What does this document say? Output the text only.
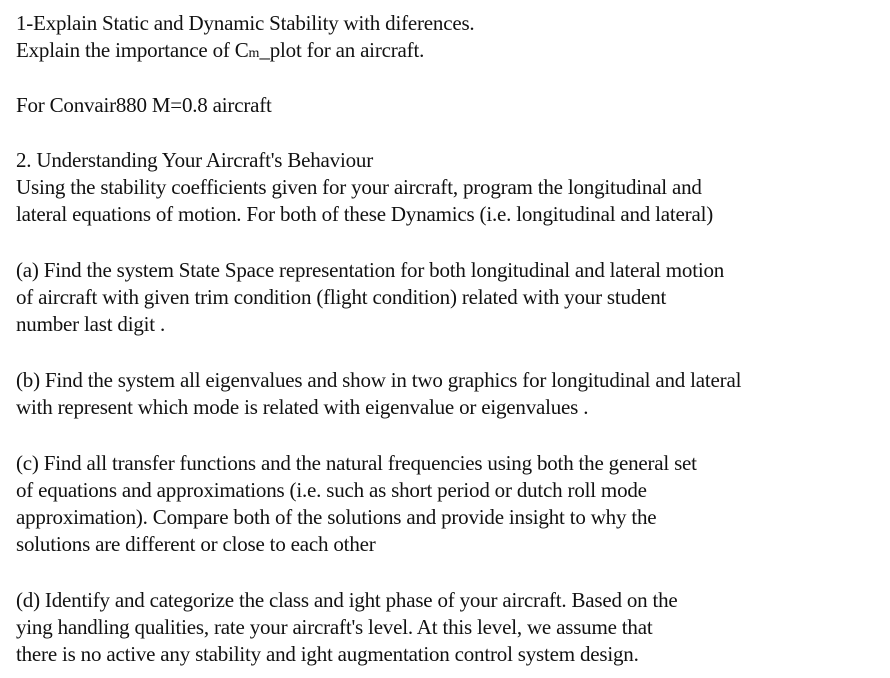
1-Explain Static and Dynamic Stability with diferences.
Explain the importance of Cm_plot for an aircraft.
For Convair880 M=0.8 aircraft
2. Understanding Your Aircraft's Behaviour
Using the stability coefficients given for your aircraft, program the longitudinal and
lateral equations of motion. For both of these Dynamics (i.e. longitudinal and lateral)
(a) Find the system State Space representation for both longitudinal and lateral motion
of aircraft with given trim condition (flight condition) related with your student
number last digit .
(b) Find the system all eigenvalues and show in two graphics for longitudinal and lateral
with represent which mode is related with eigenvalue or eigenvalues .
(c) Find all transfer functions and the natural frequencies using both the general set
of equations and approximations (i.e. such as short period or dutch roll mode
approximation). Compare both of the solutions and provide insight to why the
solutions are different or close to each other
(d) Identify and categorize the class and ight phase of your aircraft. Based on the
ying handling qualities, rate your aircraft's level. At this level, we assume that
there is no active any stability and ight augmentation control system design.
